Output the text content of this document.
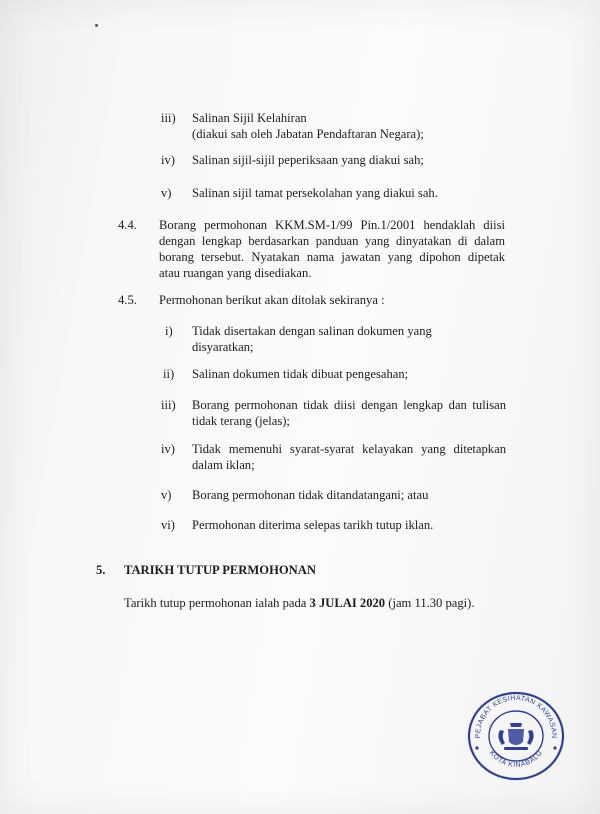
iii) Salinan Sijil Kelahiran
(diakui sah oleh Jabatan Pendaftaran Negara);
iv) Salinan sijil-sijil peperiksaan yang diakui sah;
v) Salinan sijil tamat persekolahan yang diakui sah.
4.4. Borang permohonan KKM.SM-1/99 Pin.1/2001 hendaklah diisi
dengan lengkap berdasarkan panduan yang dinyatakan di dalam
borang tersebut. Nyatakan nama jawatan yang dipohon dipetak
atau ruangan yang disediakan.
4.5. Permohonan berikut akan ditolak sekiranya :
i) Tidak disertakan dengan salinan dokumen yang
disyaratkan;
ii) Salinan dokumen tidak dibuat pengesahan;
iii) Borang permohonan tidak diisi dengan lengkap dan tulisan
tidak terang (jelas);
iv) Tidak memenuhi syarat-syarat kelayakan yang ditetapkan
dalam iklan;
v) Borang permohonan tidak ditandatangani; atau
vi) Permohonan diterima selepas tarikh tutup iklan.
5. TARIKH TUTUP PERMOHONAN
Tarikh tutup permohonan ialah pada 3 JULAI 2020 (jam 11.30 pagi).
PEJABAT KESIHATAN KAWASAN
KOTA KINABALU
